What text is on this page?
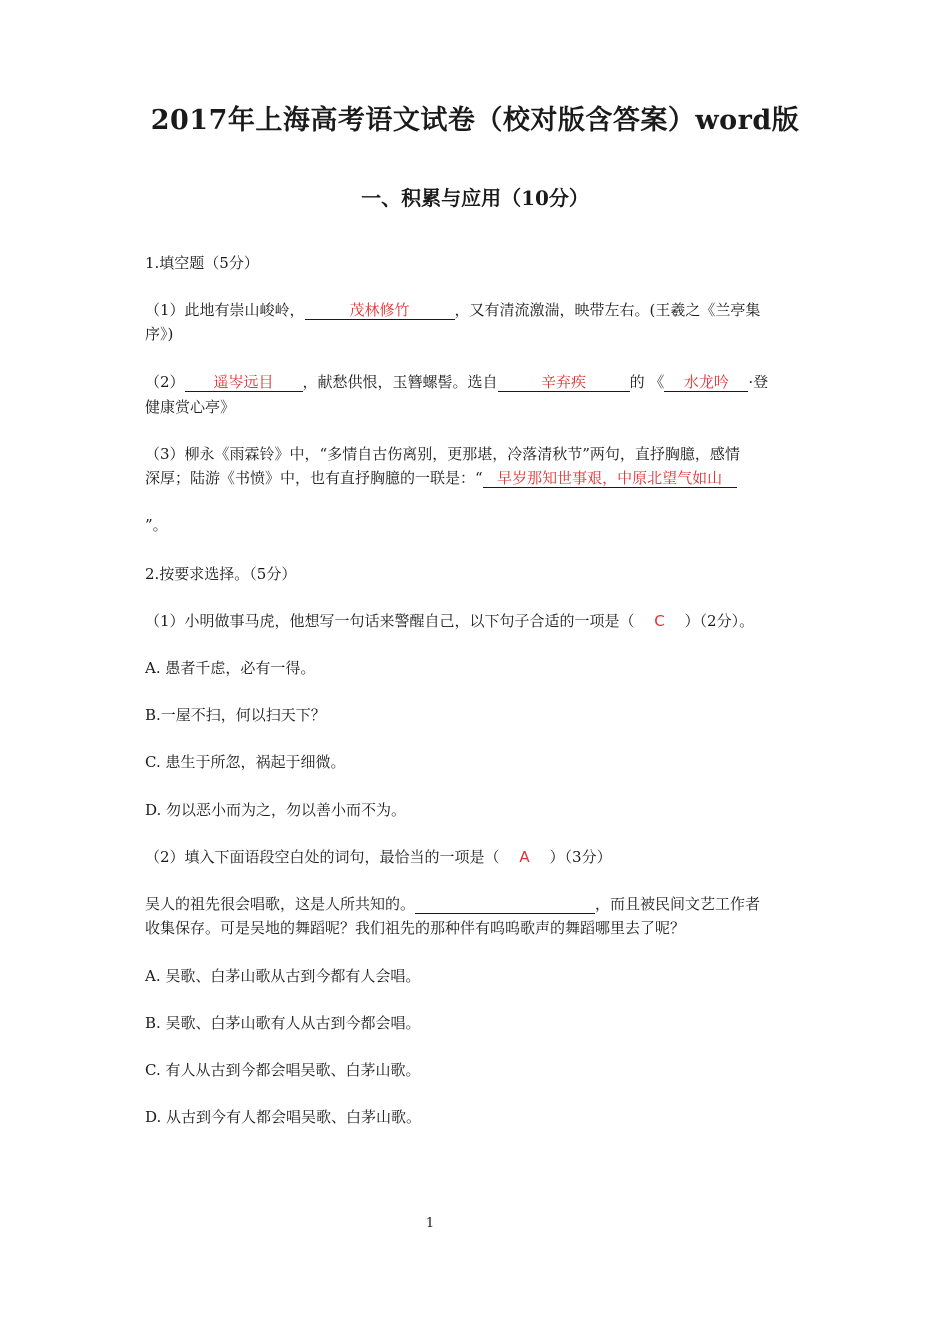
2017年上海高考语文试卷（校对版含答案）word版
一、积累与应用（10分）
1.填空题（5分）
（1）此地有崇山峻岭，	茂林修竹	，又有清流激湍，映带左右。(王羲之《兰亭集
序》)
（2） 遥岑远目 ，献愁供恨，玉簪螺髻。选自	辛弃疾	的 《 水龙吟 ·登
健康赏心亭》
（3）柳永《雨霖铃》中，“多情自古伤离别，更那堪，冷落清秋节”两句，直抒胸臆，感情
深厚；陆游《书愤》中，也有直抒胸臆的一联是：“ 早岁那知世事艰，中原北望气如山
”。
2.按要求选择。（5分）
（1）小明做事马虎，他想写一句话来警醒自己，以下句子合适的一项是（ C ）（2分）。
A. 愚者千虑，必有一得。
B.一屋不扫，何以扫天下？
C. 患生于所忽，祸起于细微。
D. 勿以恶小而为之，勿以善小而不为。
（2）填入下面语段空白处的词句，最恰当的一项是（ A ）（3分）
吴人的祖先很会唱歌，这是人所共知的。	，而且被民间文艺工作者
收集保存。可是吴地的舞蹈呢？我们祖先的那种伴有呜呜歌声的舞蹈哪里去了呢？
A. 吴歌、白茅山歌从古到今都有人会唱。
B. 吴歌、白茅山歌有人从古到今都会唱。
C. 有人从古到今都会唱吴歌、白茅山歌。
D. 从古到今有人都会唱吴歌、白茅山歌。
1
